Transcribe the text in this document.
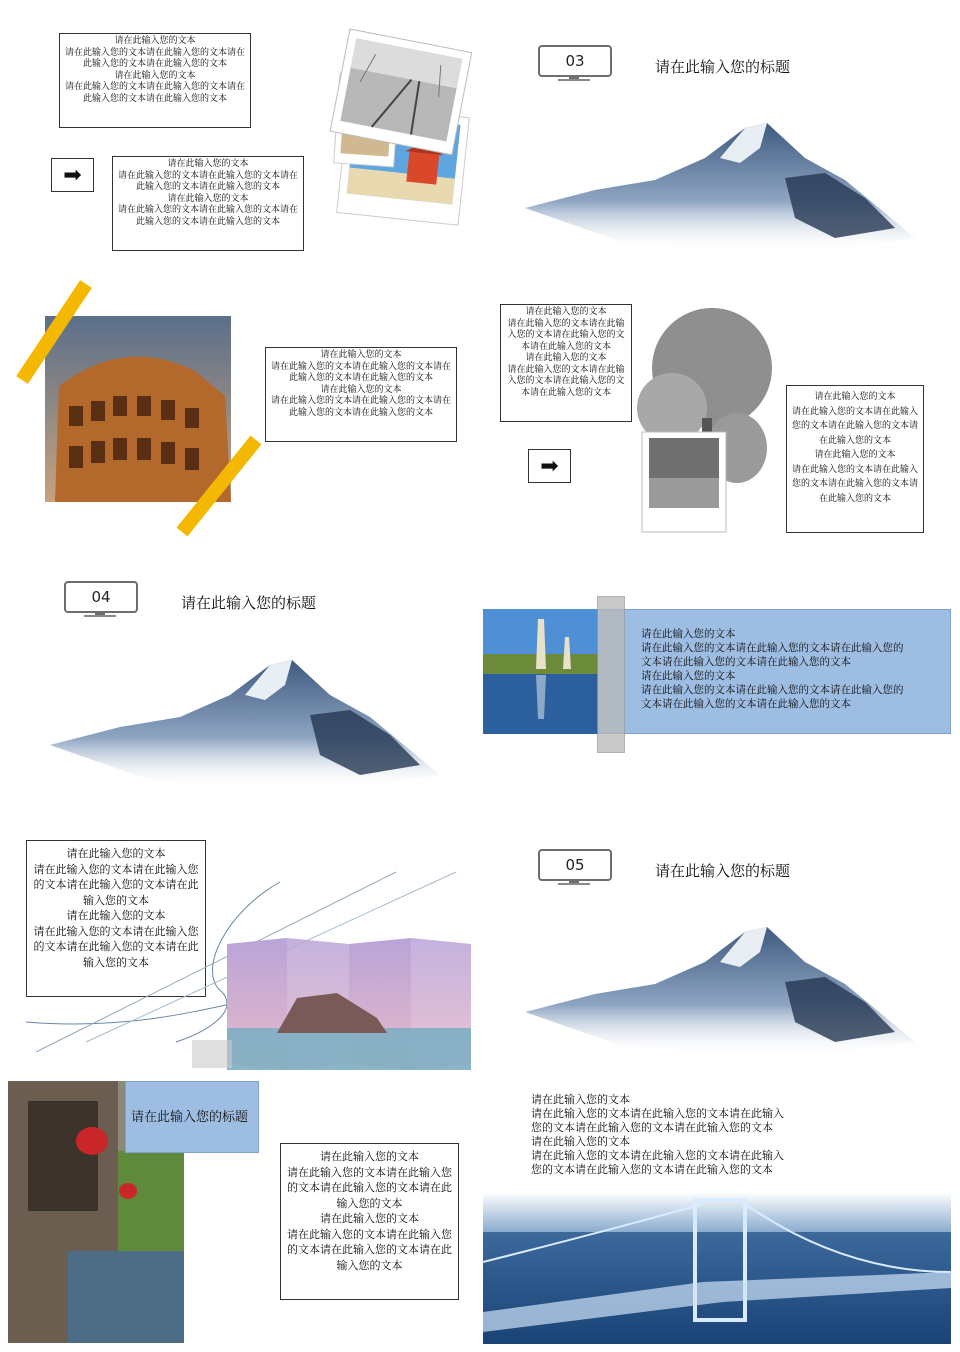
请在此输入您的文本
请在此输入您的文本请在此输入您的文本请在此输入您的文本请在此输入您的文本
请在此输入您的文本
请在此输入您的文本请在此输入您的文本请在此输入您的文本请在此输入您的文本
➡	请在此输入您的文本
请在此输入您的文本请在此输入您的文本请在此输入您的文本请在此输入您的文本
请在此输入您的文本
请在此输入您的文本请在此输入您的文本请在此输入您的文本请在此输入您的文本
03	请在此输入您的标题
请在此输入您的文本
请在此输入您的文本请在此输入您的文本请在此输入您的文本请在此输入您的文本
请在此输入您的文本
请在此输入您的文本请在此输入您的文本请在此输入您的文本请在此输入您的文本
请在此输入您的文本
请在此输入您的文本请在此输入您的文本请在此输入您的文本请在此输入您的文本
请在此输入您的文本
请在此输入您的文本请在此输入您的文本请在此输入您的文本请在此输入您的文本
➡
请在此输入您的文本
请在此输入您的文本请在此输入您的文本请在此输入您的文本请在此输入您的文本
请在此输入您的文本
请在此输入您的文本请在此输入您的文本请在此输入您的文本请在此输入您的文本
04	请在此输入您的标题
请在此输入您的文本
请在此输入您的文本请在此输入您的文本请在此输入您的文本请在此输入您的文本请在此输入您的文本
请在此输入您的文本
请在此输入您的文本请在此输入您的文本请在此输入您的文本请在此输入您的文本请在此输入您的文本
请在此输入您的文本
请在此输入您的文本请在此输入您的文本请在此输入您的文本请在此输入您的文本
请在此输入您的文本
请在此输入您的文本请在此输入您的文本请在此输入您的文本请在此输入您的文本
05	请在此输入您的标题
请在此输入您的标题
请在此输入您的文本
请在此输入您的文本请在此输入您的文本请在此输入您的文本请在此输入您的文本
请在此输入您的文本
请在此输入您的文本请在此输入您的文本请在此输入您的文本请在此输入您的文本
请在此输入您的文本
请在此输入您的文本请在此输入您的文本请在此输入您的文本请在此输入您的文本请在此输入您的文本
请在此输入您的文本
请在此输入您的文本请在此输入您的文本请在此输入您的文本请在此输入您的文本请在此输入您的文本
